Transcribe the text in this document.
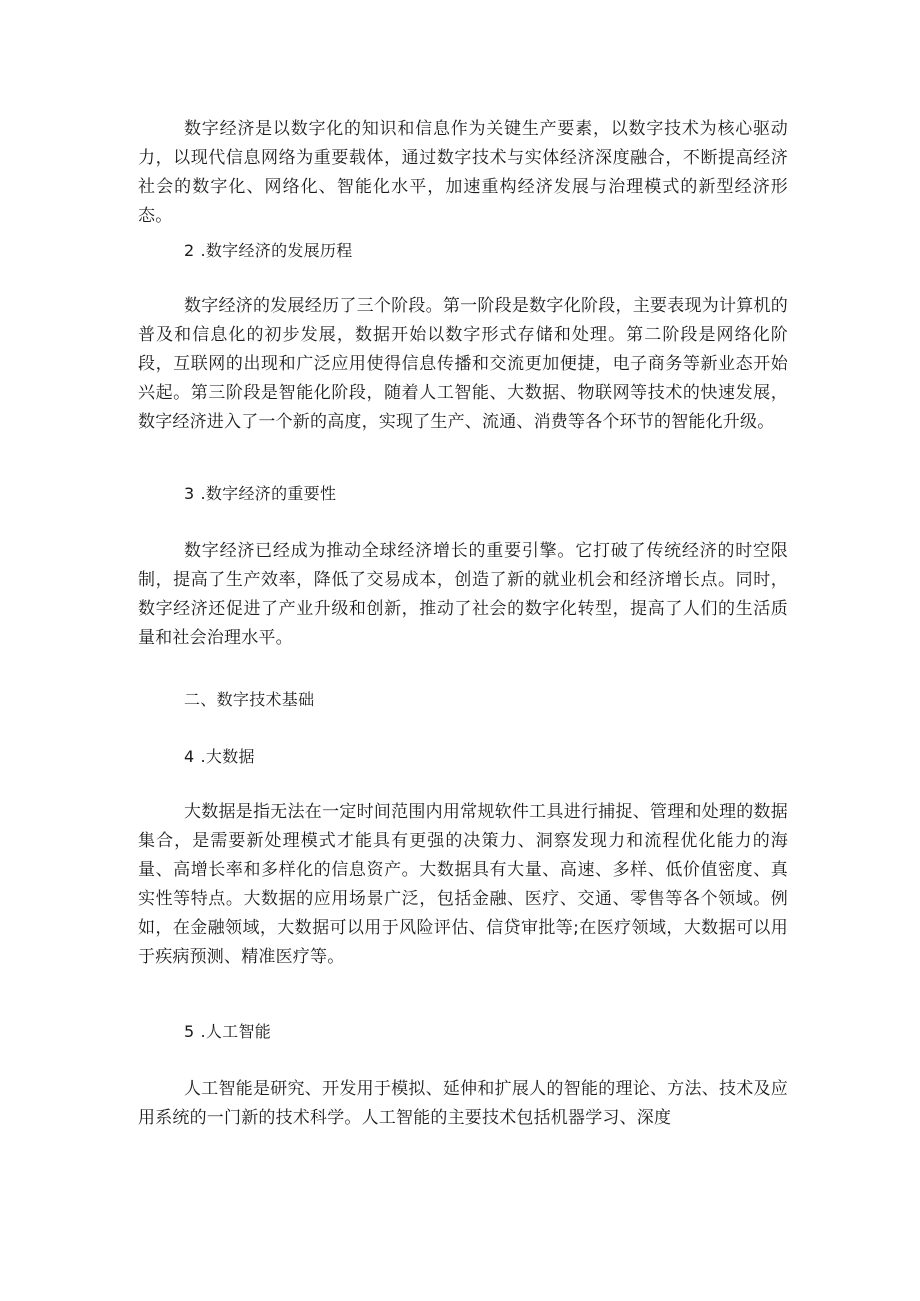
数字经济是以数字化的知识和信息作为关键生产要素，以数字技术为核心驱动力，以现代信息网络为重要载体，通过数字技术与实体经济深度融合，不断提高经济社会的数字化、网络化、智能化水平，加速重构经济发展与治理模式的新型经济形态。

2 .数字经济的发展历程

数字经济的发展经历了三个阶段。第一阶段是数字化阶段，主要表现为计算机的普及和信息化的初步发展，数据开始以数字形式存储和处理。第二阶段是网络化阶段，互联网的出现和广泛应用使得信息传播和交流更加便捷，电子商务等新业态开始兴起。第三阶段是智能化阶段，随着人工智能、大数据、物联网等技术的快速发展，数字经济进入了一个新的高度，实现了生产、流通、消费等各个环节的智能化升级。

3 .数字经济的重要性

数字经济已经成为推动全球经济增长的重要引擎。它打破了传统经济的时空限制，提高了生产效率，降低了交易成本，创造了新的就业机会和经济增长点。同时，数字经济还促进了产业升级和创新，推动了社会的数字化转型，提高了人们的生活质量和社会治理水平。

二、数字技术基础
4 .大数据

大数据是指无法在一定时间范围内用常规软件工具进行捕捉、管理和处理的数据集合，是需要新处理模式才能具有更强的决策力、洞察发现力和流程优化能力的海量、高增长率和多样化的信息资产。大数据具有大量、高速、多样、低价值密度、真实性等特点。大数据的应用场景广泛，包括金融、医疗、交通、零售等各个领域。例如，在金融领域，大数据可以用于风险评估、信贷审批等;在医疗领域，大数据可以用于疾病预测、精准医疗等。

5 .人工智能

人工智能是研究、开发用于模拟、延伸和扩展人的智能的理论、方法、技术及应用系统的一门新的技术科学。人工智能的主要技术包括机器学习、深度
